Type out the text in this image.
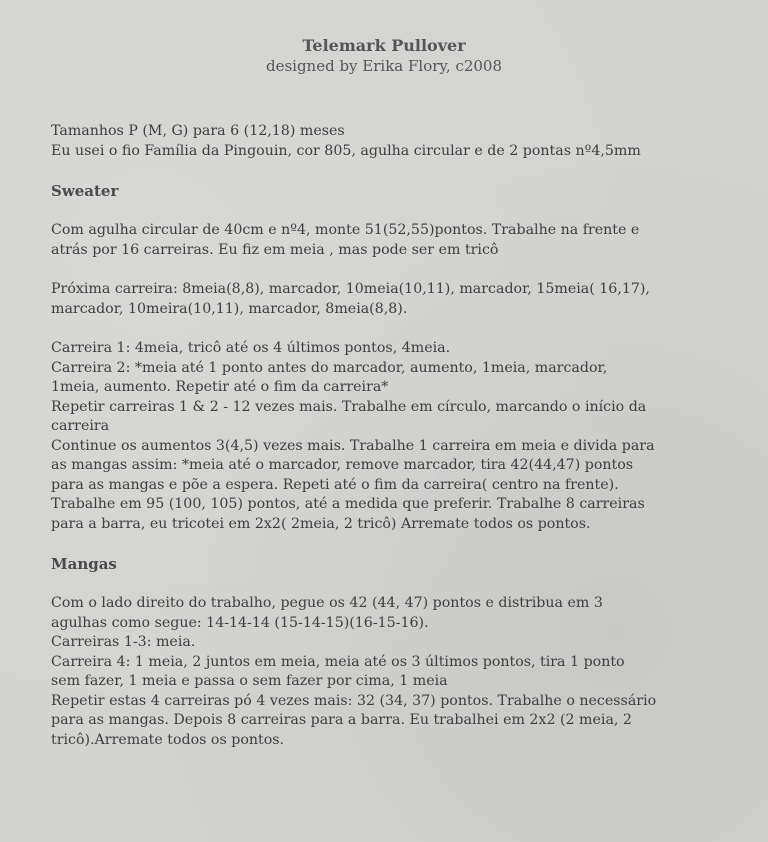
Telemark Pullover
designed by Erika Flory, c2008

Tamanhos P (M, G) para 6 (12,18) meses

Eu usei o fio Família da Pingouin, cor 805, agulha circular e de 2 pontas nº4,5mm

Sweater

Com agulha circular de 40cm e nº4, monte 51(52,55)pontos. Trabalhe na frente e

atrás por 16 carreiras. Eu fiz em meia , mas pode ser em tricô

Próxima carreira: 8meia(8,8), marcador, 10meia(10,11), marcador, 15meia( 16,17),

marcador, 10meira(10,11), marcador, 8meia(8,8).

Carreira 1: 4meia, tricô até os 4 últimos pontos, 4meia.

Carreira 2: *meia até 1 ponto antes do marcador, aumento, 1meia, marcador,

1meia, aumento. Repetir até o fim da carreira*

Repetir carreiras 1 & 2 - 12 vezes mais. Trabalhe em círculo, marcando o início da

carreira

Continue os aumentos 3(4,5) vezes mais. Trabalhe 1 carreira em meia e divida para

as mangas assim: *meia até o marcador, remove marcador, tira 42(44,47) pontos

para as mangas e põe a espera. Repeti até o fim da carreira( centro na frente).

Trabalhe em 95 (100, 105) pontos, até a medida que preferir. Trabalhe 8 carreiras

para a barra, eu tricotei em 2x2( 2meia, 2 tricô) Arremate todos os pontos.

Mangas

Com o lado direito do trabalho, pegue os 42 (44, 47) pontos e distribua em 3

agulhas como segue: 14-14-14 (15-14-15)(16-15-16).

Carreiras 1-3: meia.

Carreira 4: 1 meia, 2 juntos em meia, meia até os 3 últimos pontos, tira 1 ponto

sem fazer, 1 meia e passa o sem fazer por cima, 1 meia

Repetir estas 4 carreiras pó 4 vezes mais: 32 (34, 37) pontos. Trabalhe o necessário

para as mangas. Depois 8 carreiras para a barra. Eu trabalhei em 2x2 (2 meia, 2

tricô).Arremate todos os pontos.
